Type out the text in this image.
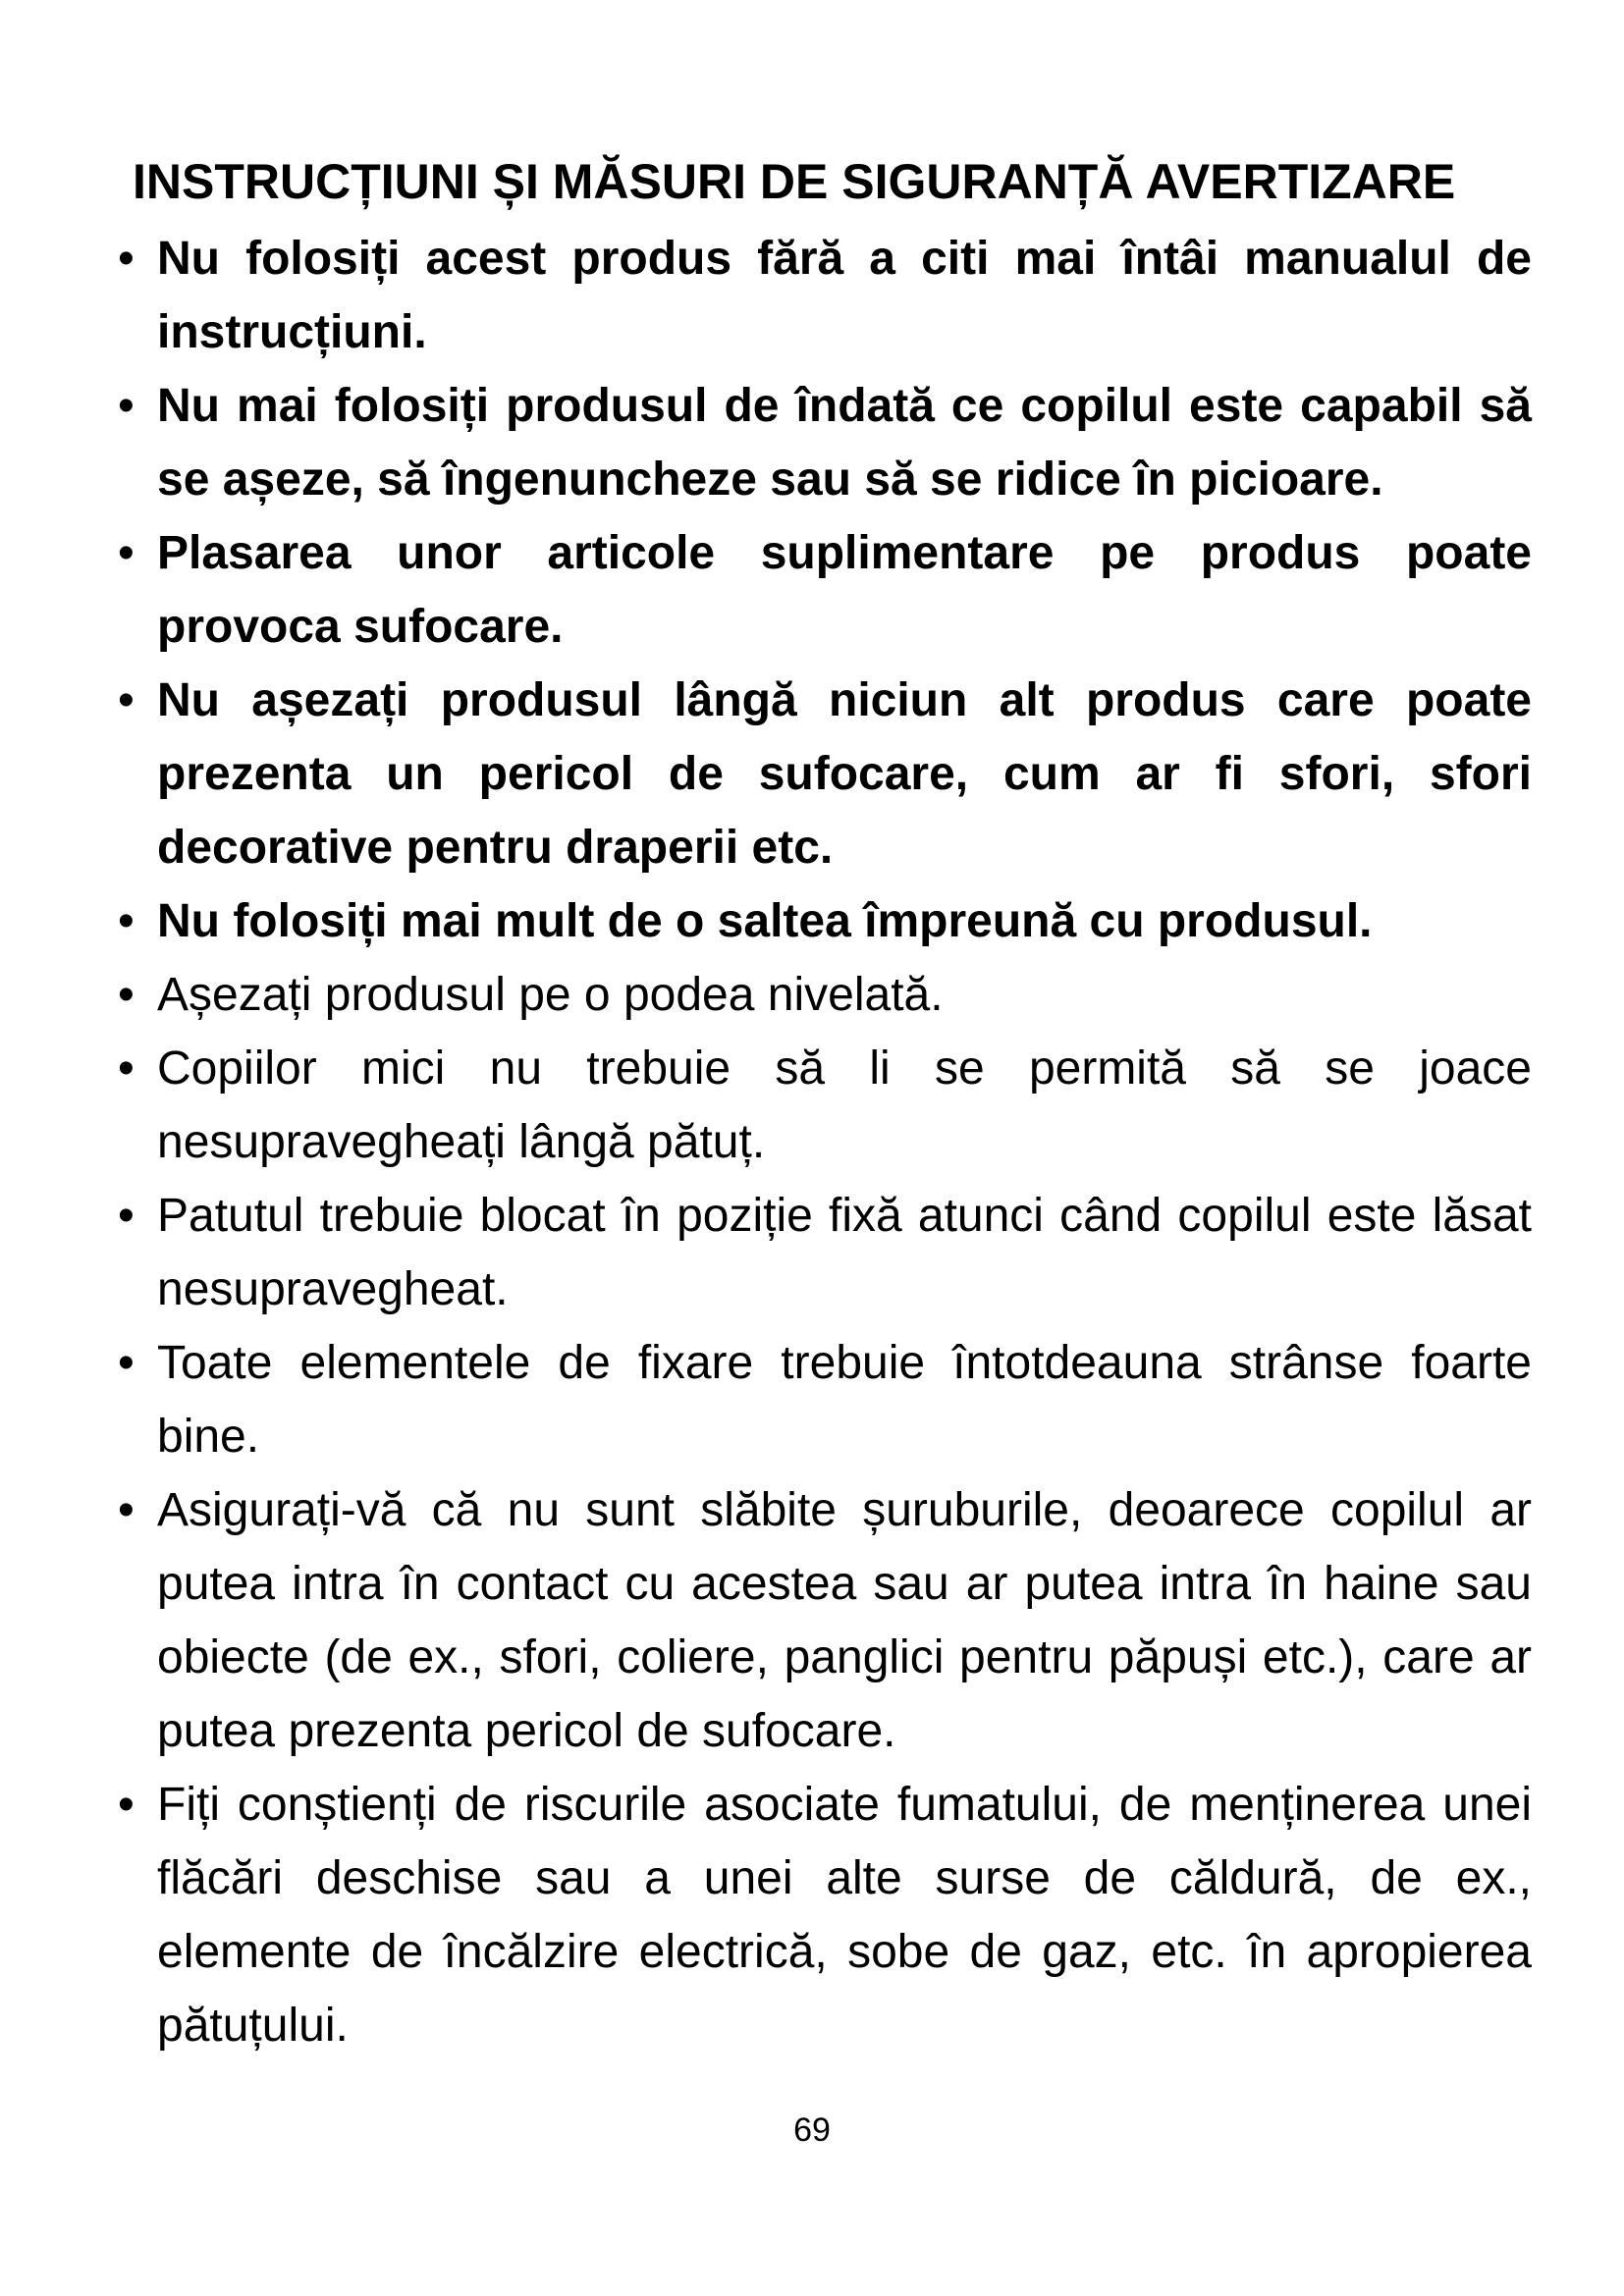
INSTRUCȚIUNI ȘI MĂSURI DE SIGURANȚĂ AVERTIZARE
• Nu folosiți acest produs fără a citi mai întâi manualul de instrucțiuni.
• Nu mai folosiți produsul de îndată ce copilul este capabil să se așeze, să îngenuncheze sau să se ridice în picioare.
• Plasarea unor articole suplimentare pe produs poate provoca sufocare.
• Nu așezați produsul lângă niciun alt produs care poate prezenta un pericol de sufocare, cum ar fi sfori, sfori decorative pentru draperii etc.
• Nu folosiți mai mult de o saltea împreună cu produsul.
• Așezați produsul pe o podea nivelată.
• Copiilor mici nu trebuie să li se permită să se joace nesupravegheați lângă pătuț.
• Patutul trebuie blocat în poziție fixă atunci când copilul este lăsat nesupravegheat.
• Toate elementele de fixare trebuie întotdeauna strânse foarte bine.
• Asigurați-vă că nu sunt slăbite șuruburile, deoarece copilul ar putea intra în contact cu acestea sau ar putea intra în haine sau obiecte (de ex., sfori, coliere, panglici pentru păpuși etc.), care ar putea prezenta pericol de sufocare.
• Fiți conștienți de riscurile asociate fumatului, de menținerea unei flăcări deschise sau a unei alte surse de căldură, de ex., elemente de încălzire electrică, sobe de gaz, etc. în apropierea pătuțului.
69
